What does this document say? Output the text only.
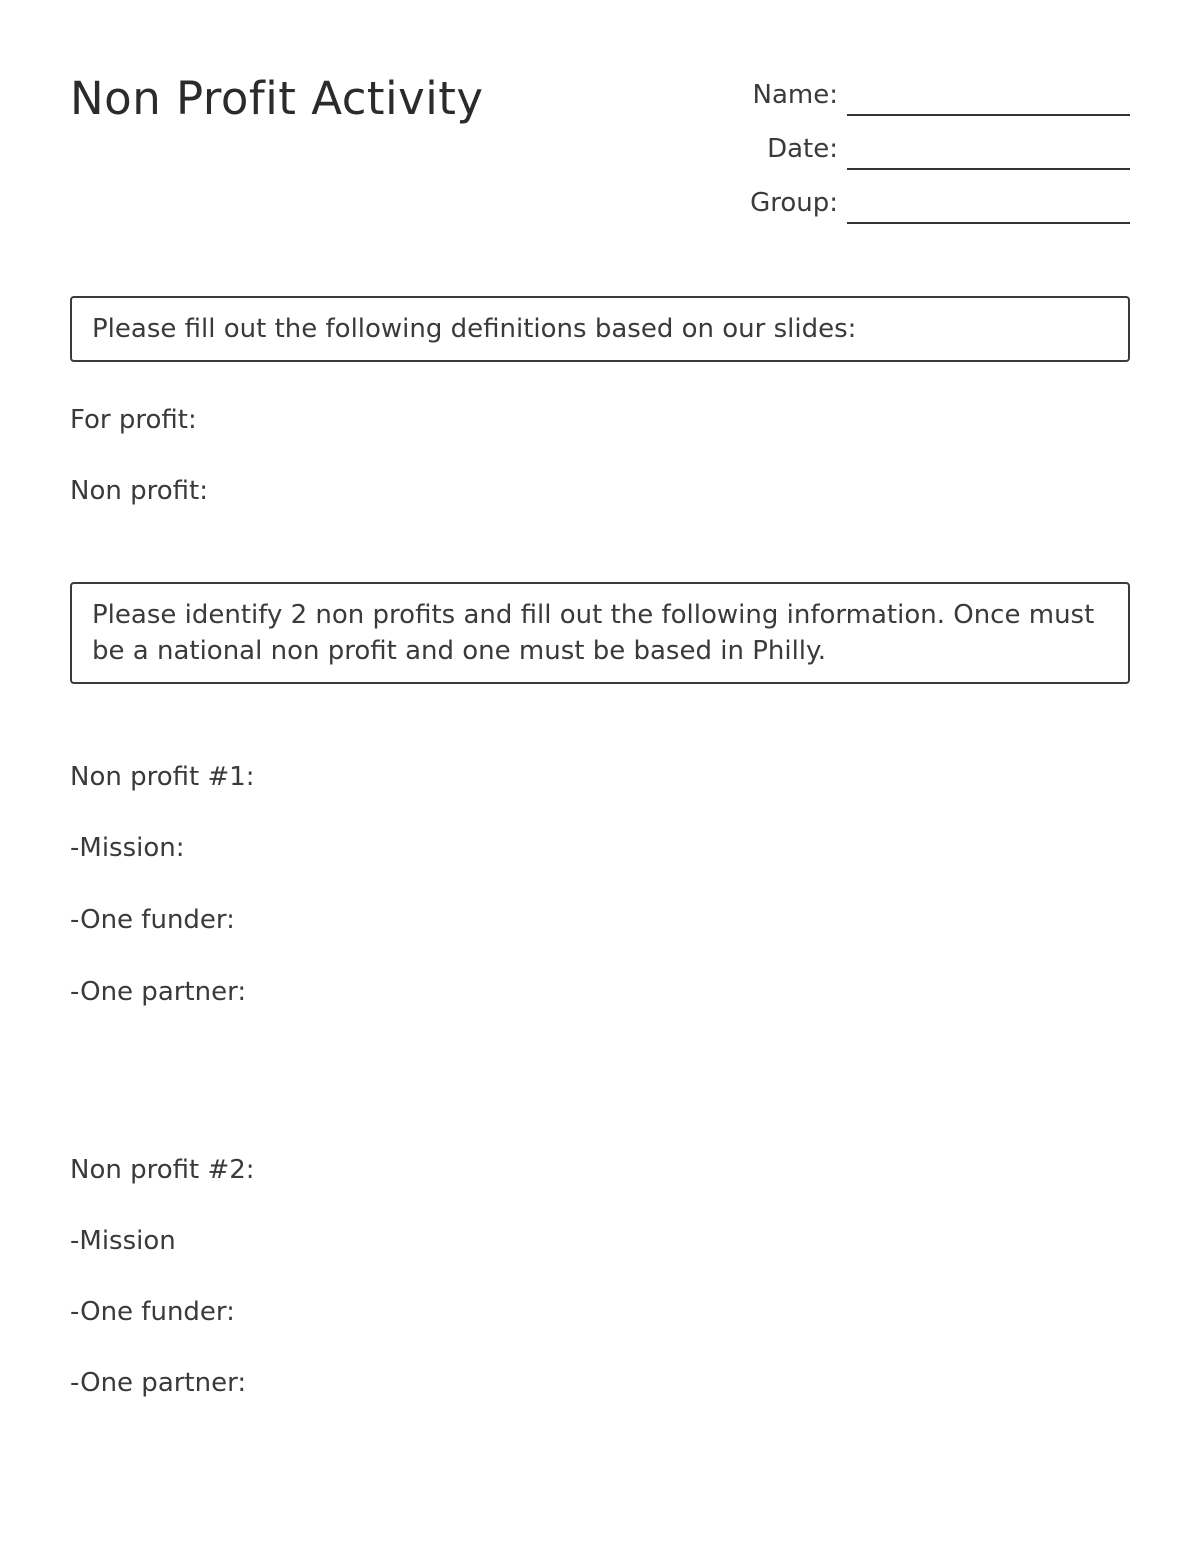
Non Profit Activity	Name:
Date:
Group:
Please fill out the following definitions based on our slides:
For profit:
Non profit:
Please identify 2 non profits and fill out the following information. Once must be a national non profit and one must be based in Philly.
Non profit #1:
-Mission:
-One funder:
-One partner:
Non profit #2:
-Mission
-One funder:
-One partner:
